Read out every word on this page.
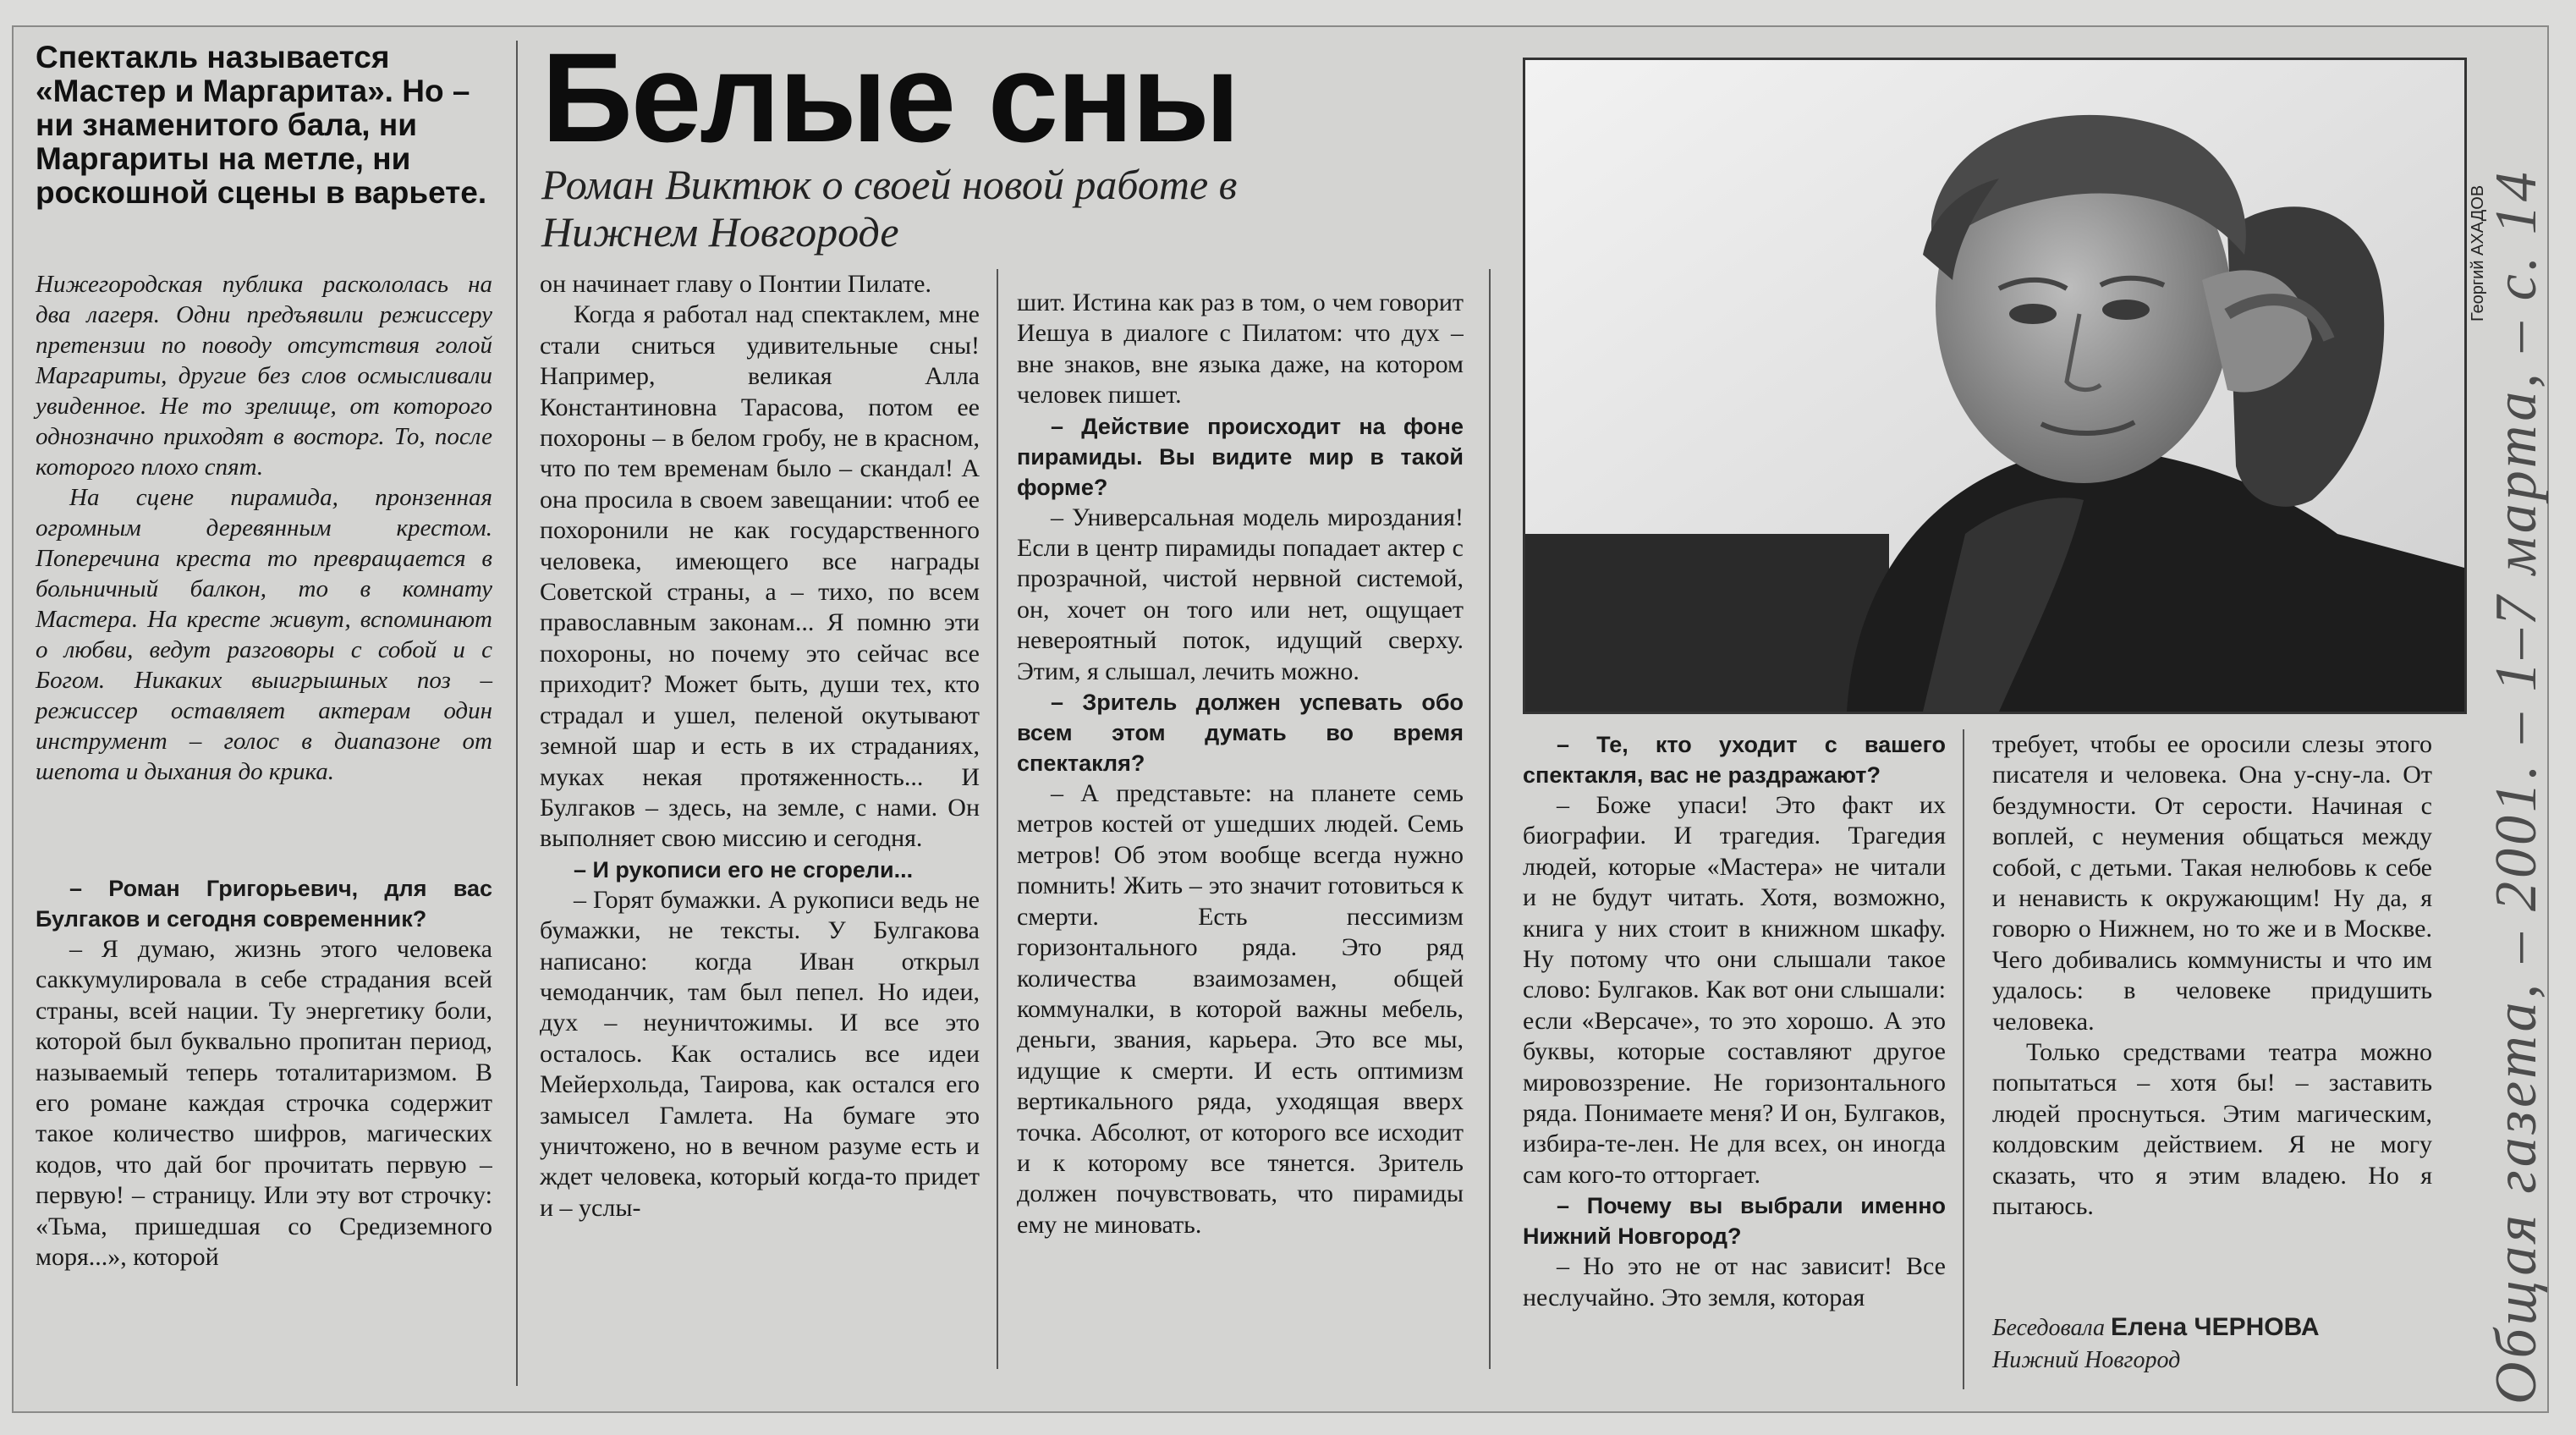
Спектакль называется «Мастер и Маргарита». Но – ни знаменитого бала, ни Маргариты на метле, ни роскошной сцены в варьете.
Белые сны
Роман Виктюк о своей новой работе в Нижнем Новгороде

Нижегородская публика раскололась на два лагеря. Одни предъявили режиссеру претензии по поводу отсутствия голой Маргариты, другие без слов осмысливали увиденное. Не то зрелище, от которого однозначно приходят в восторг. То, после которого плохо спят.

На сцене пирамида, пронзенная огромным деревянным крестом. Поперечина креста то превращается в больничный балкон, то в комнату Мастера. На кресте живут, вспоминают о любви, ведут разговоры с собой и с Богом. Никаких выигрышных поз – режиссер оставляет актерам один инструмент – голос в диапазоне от шепота и дыхания до крика.

– Роман Григорьевич, для вас Булгаков и сегодня современник?

– Я думаю, жизнь этого человека саккумулировала в себе страдания всей страны, всей нации. Ту энергетику боли, которой был буквально пропитан период, называемый теперь тоталитаризмом. В его романе каждая строчка содержит такое количество шифров, магических кодов, что дай бог прочитать первую – первую! – страницу. Или эту вот строчку: «Тьма, пришедшая со Средиземного моря...», которой

он начинает главу о Понтии Пилате.

Когда я работал над спектаклем, мне стали сниться удивительные сны! Например, великая Алла Константиновна Тарасова, потом ее похороны – в белом гробу, не в красном, что по тем временам было – скандал! А она просила в своем завещании: чтоб ее похоронили не как государственного человека, имеющего все награды Советской страны, а – тихо, по всем православным законам... Я помню эти похороны, но почему это сейчас все приходит? Может быть, души тех, кто страдал и ушел, пеленой окутывают земной шар и есть в их страданиях, муках некая протяженность... И Булгаков – здесь, на земле, с нами. Он выполняет свою миссию и сегодня.

– И рукописи его не сгорели...

– Горят бумажки. А рукописи ведь не бумажки, не тексты. У Булгакова написано: когда Иван открыл чемоданчик, там был пепел. Но идеи, дух – неуничтожимы. И все это осталось. Как остались все идеи Мейерхольда, Таирова, как остался его замысел Гамлета. На бумаге это уничтожено, но в вечном разуме есть и ждет человека, который когда-то придет и – услы-

шит. Истина как раз в том, о чем говорит Иешуа в диалоге с Пилатом: что дух – вне знаков, вне языка даже, на котором человек пишет.

– Действие происходит на фоне пирамиды. Вы видите мир в такой форме?

– Универсальная модель мироздания! Если в центр пирамиды попадает актер с прозрачной, чистой нервной системой, он, хочет он того или нет, ощущает невероятный поток, идущий сверху. Этим, я слышал, лечить можно.

– Зритель должен успевать обо всем этом думать во время спектакля?

– А представьте: на планете семь метров костей от ушедших людей. Семь метров! Об этом вообще всегда нужно помнить! Жить – это значит готовиться к смерти. Есть пессимизм горизонтального ряда. Это ряд количества взаимозамен, общей коммуналки, в которой важны мебель, деньги, звания, карьера. Это все мы, идущие к смерти. И есть оптимизм вертикального ряда, уходящая вверх точка. Абсолют, от которого все исходит и к которому все тянется. Зритель должен почувствовать, что пирамиды ему не миновать.

Георгий АХАДОВ

– Те, кто уходит с вашего спектакля, вас не раздражают?

– Боже упаси! Это факт их биографии. И трагедия. Трагедия людей, которые «Мастера» не читали и не будут читать. Хотя, возможно, книга у них стоит в книжном шкафу. Ну потому что они слышали такое слово: Булгаков. Как вот они слышали: если «Версаче», то это хорошо. А это буквы, которые составляют другое мировоззрение. Не горизонтального ряда. Понимаете меня? И он, Булгаков, избира-те-лен. Не для всех, он иногда сам кого-то отторгает.

– Почему вы выбрали именно Нижний Новгород?

– Но это не от нас зависит! Все неслучайно. Это земля, которая

требует, чтобы ее оросили слезы этого писателя и человека. Она у-сну-ла. От бездумности. От серости. Начиная с воплей, с неумения общаться между собой, с детьми. Такая нелюбовь к себе и ненависть к окружающим! Ну да, я говорю о Нижнем, но то же и в Москве. Чего добивались коммунисты и что им удалось: в человеке придушить человека.

Только средствами театра можно попытаться – хотя бы! – заставить людей проснуться. Этим магическим, колдовским действием. Я не могу сказать, что я этим владею. Но я пытаюсь.

Беседовала Елена ЧЕРНОВА
Нижний Новгород	Общая газета, – 2001. – 1–7 марта, – с. 14
